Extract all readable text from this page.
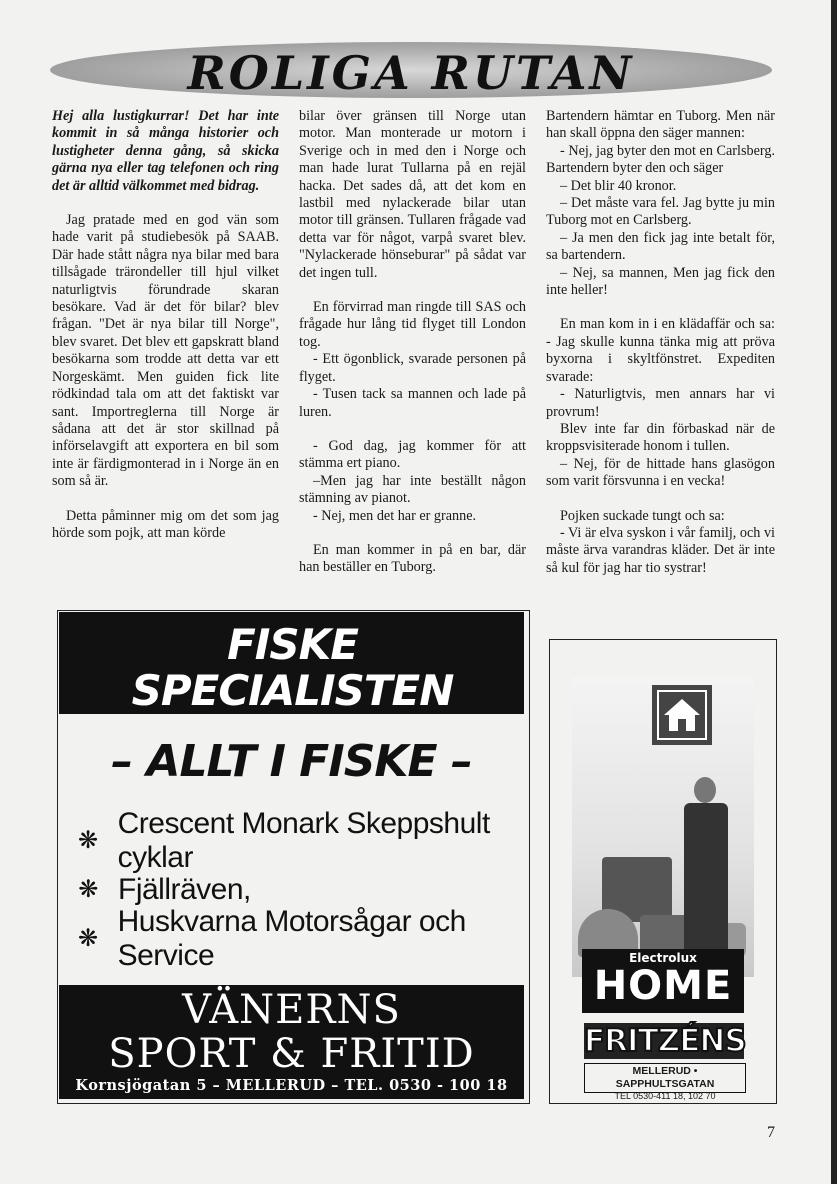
ROLIGA RUTAN

Hej alla lustigkurrar! Det har inte kommit in så många historier och lustigheter denna gång, så skicka gärna nya eller tag telefonen och ring det är alltid välkommet med bidrag.

Jag pratade med en god vän som hade varit på studiebesök på SAAB. Där hade stått några nya bilar med bara tillsågade trärondeller till hjul vilket naturligtvis förundrade skaran besökare. Vad är det för bilar? blev frågan. "Det är nya bilar till Norge", blev svaret. Det blev ett gapskratt bland besökarna som trodde att detta var ett Norgeskämt. Men guiden fick lite rödkindad tala om att det faktiskt var sant. Importreglerna till Norge är sådana att det är stor skillnad på införselavgift att exportera en bil som inte är färdigmonterad in i Norge än en som så är.

Detta påminner mig om det som jag hörde som pojk, att man körde

bilar över gränsen till Norge utan motor. Man monterade ur motorn i Sverige och in med den i Norge och man hade lurat Tullarna på en rejäl hacka. Det sades då, att det kom en lastbil med nylackerade bilar utan motor till gränsen. Tullaren frågade vad detta var för något, varpå svaret blev. "Nylackerade hönseburar" på sådat var det ingen tull.

En förvirrad man ringde till SAS och frågade hur lång tid flyget till London tog.
- Ett ögonblick, svarade personen på flyget.
- Tusen tack sa mannen och lade på luren.
- God dag, jag kommer för att stämma ert piano.
–Men jag har inte beställt någon stämning av pianot.
- Nej, men det har er granne.

En man kommer in på en bar, där han beställer en Tuborg.

Bartendern hämtar en Tuborg. Men när han skall öppna den säger mannen:
- Nej, jag byter den mot en Carlsberg. Bartendern byter den och säger
– Det blir 40 kronor.
– Det måste vara fel. Jag bytte ju min Tuborg mot en Carlsberg.
– Ja men den fick jag inte betalt för, sa bartendern.
– Nej, sa mannen, Men jag fick den inte heller!
En man kom in i en klädaffär och sa: - Jag skulle kunna tänka mig att pröva byxorna i skyltfönstret. Expediten svarade:
- Naturligtvis, men annars har vi provrum!
Blev inte far din förbaskad när de kroppsvisiterade honom i tullen.
– Nej, för de hittade hans glasögon som varit försvunna i en vecka!
Pojken suckade tungt och sa:
- Vi är elva syskon i vår familj, och vi måste ärva varandras kläder. Det är inte så kul för jag har tio systrar!
FISKE
SPECIALISTEN
– ALLT I FISKE –
❋
Crescent Monark Skeppshult cyklar
❋ Fjällräven,
❋
Huskvarna Motorsågar och Service
VÄNERNS
SPORT & FRITID
Kornsjögatan 5 – MELLERUD – TEL. 0530 - 100 18
Electrolux
HOME
FRITZÉNS
MELLERUD • SAPPHULTSGATAN
TEL 0530-411 18, 102 70
7
